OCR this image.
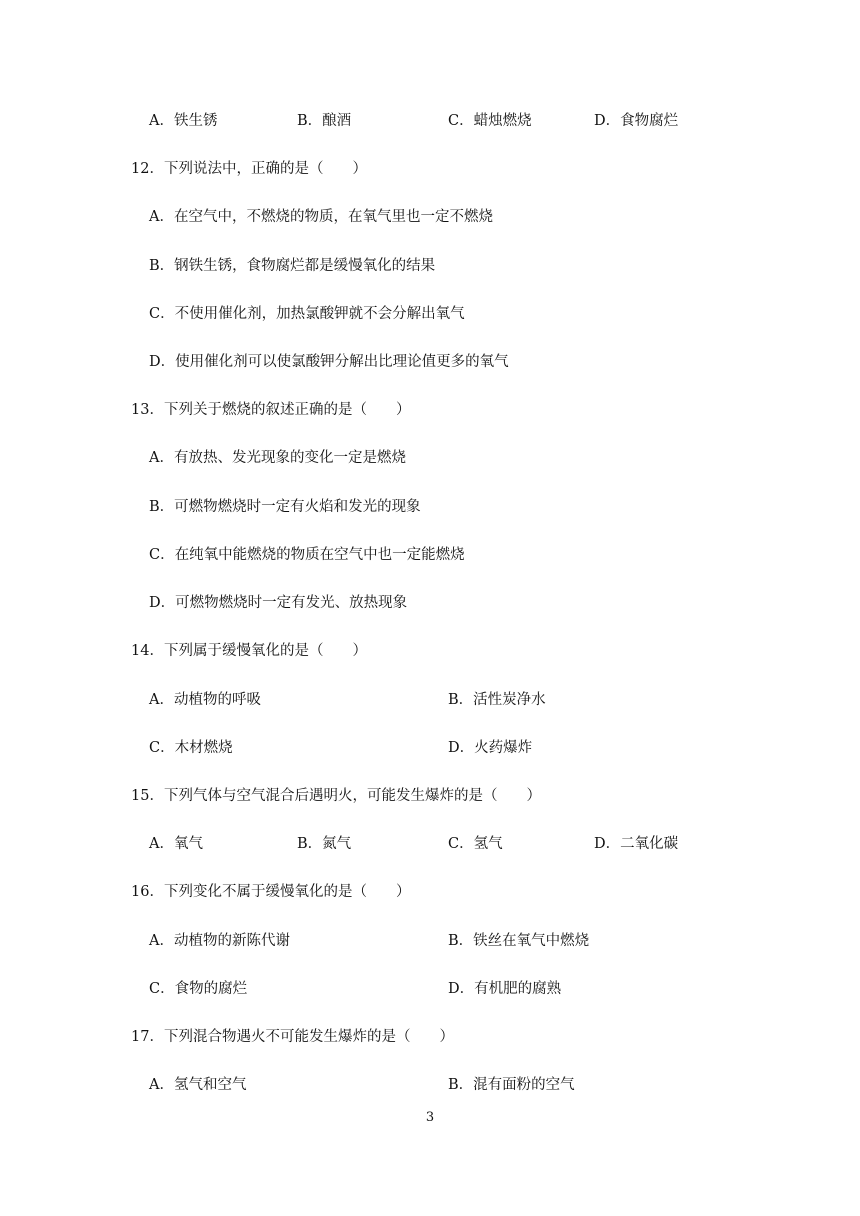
A．铁生锈	B．酿酒	C．蜡烛燃烧	D．食物腐烂
12．下列说法中，正确的是（　　）
A．在空气中，不燃烧的物质，在氧气里也一定不燃烧
B．钢铁生锈，食物腐烂都是缓慢氧化的结果
C．不使用催化剂，加热氯酸钾就不会分解出氧气
D．使用催化剂可以使氯酸钾分解出比理论值更多的氧气
13．下列关于燃烧的叙述正确的是（　　）
A．有放热、发光现象的变化一定是燃烧
B．可燃物燃烧时一定有火焰和发光的现象
C．在纯氧中能燃烧的物质在空气中也一定能燃烧
D．可燃物燃烧时一定有发光、放热现象
14．下列属于缓慢氧化的是（　　）
A．动植物的呼吸	B．活性炭净水
C．木材燃烧	D．火药爆炸
15．下列气体与空气混合后遇明火，可能发生爆炸的是（　　）
A．氧气	B．氮气	C．氢气	D．二氧化碳
16．下列变化不属于缓慢氧化的是（　　）
A．动植物的新陈代谢	B．铁丝在氧气中燃烧
C．食物的腐烂	D．有机肥的腐熟
17．下列混合物遇火不可能发生爆炸的是（　　）
A．氢气和空气	B．混有面粉的空气
3
